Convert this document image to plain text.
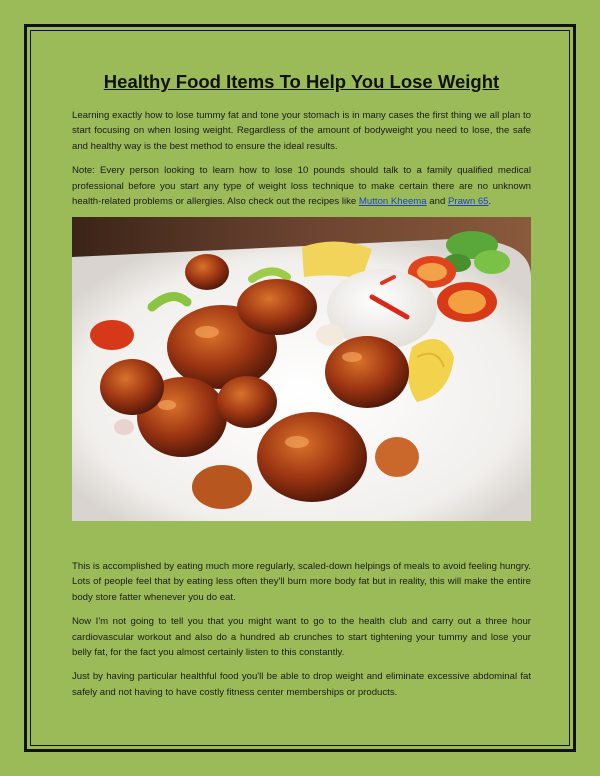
Healthy Food Items To Help You Lose Weight

Learning exactly how to lose tummy fat and tone your stomach is in many cases the first thing we all plan to start focusing on when losing weight. Regardless of the amount of bodyweight you need to lose, the safe and healthy way is the best method to ensure the ideal results.

Note: Every person looking to learn how to lose 10 pounds should talk to a family qualified medical professional before you start any type of weight loss technique to make certain there are no unknown health-related problems or allergies. Also check out the recipes like Mutton Kheema and Prawn 65.

This is accomplished by eating much more regularly, scaled-down helpings of meals to avoid feeling hungry. Lots of people feel that by eating less often they'll burn more body fat but in reality, this will make the entire body store fatter whenever you do eat.

Now I'm not going to tell you that you might want to go to the health club and carry out a three hour cardiovascular workout and also do a hundred ab crunches to start tightening your tummy and lose your belly fat, for the fact you almost certainly listen to this constantly.

Just by having particular healthful food you'll be able to drop weight and eliminate excessive abdominal fat safely and not having to have costly fitness center memberships or products.
